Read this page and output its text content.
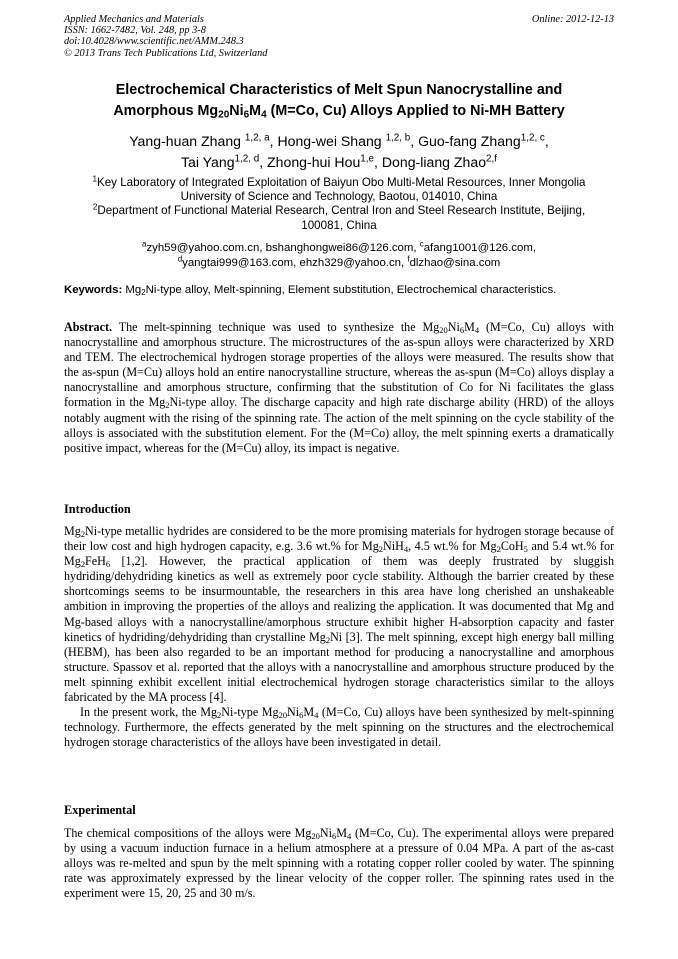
Applied Mechanics and Materials
ISSN: 1662-7482, Vol. 248, pp 3-8
doi:10.4028/www.scientific.net/AMM.248.3
© 2013 Trans Tech Publications Ltd, Switzerland
Online: 2012-12-13
Electrochemical Characteristics of Melt Spun Nanocrystalline and
Amorphous $Mg_{20}Ni_6M_4$ (M=Co, Cu) Alloys Applied to Ni-MH Battery
Yang-huan Zhang $^{1,2, a}$, Hong-wei Shang $^{1,2, b}$, Guo-fang Zhang$^{1,2, c}$,
Tai Yang$^{1,2, d}$, Zhong-hui Hou$^{1,e}$, Dong-liang Zhao$^{2,f}$
$^1$Key Laboratory of Integrated Exploitation of Baiyun Obo Multi-Metal Resources, Inner Mongolia
University of Science and Technology, Baotou, 014010, China
$^2$Department of Functional Material Research, Central Iron and Steel Research Institute, Beijing,
100081, China
$^a$zyh59@yahoo.com.cn, bshanghongwei86@126.com, $^c$afang1001@126.com,
$^d$yangtai999@163.com, ehzh329@yahoo.cn, $^f$dlzhao@sina.com
Keywords: $Mg_2Ni$-type alloy, Melt-spinning, Element substitution, Electrochemical characteristics.
Abstract. The melt-spinning technique was used to synthesize the $Mg_{20}Ni_6M_4$ (M=Co, Cu) alloys with nanocrystalline and amorphous structure. The microstructures of the as-spun alloys were characterized by XRD and TEM. The electrochemical hydrogen storage properties of the alloys were measured. The results show that the as-spun (M=Cu) alloys hold an entire nanocrystalline structure, whereas the as-spun (M=Co) alloys display a nanocrystalline and amorphous structure, confirming that the substitution of Co for Ni facilitates the glass formation in the $Mg_2Ni$-type alloy. The discharge capacity and high rate discharge ability (HRD) of the alloys notably augment with the rising of the spinning rate. The action of the melt spinning on the cycle stability of the alloys is associated with the substitution element. For the (M=Co) alloy, the melt spinning exerts a dramatically positive impact, whereas for the (M=Cu) alloy, its impact is negative.
Introduction

$Mg_2Ni$-type metallic hydrides are considered to be the more promising materials for hydrogen storage because of their low cost and high hydrogen capacity, e.g. 3.6 wt.% for $Mg_2NiH_4$, 4.5 wt.% for $Mg_2CoH_5$ and 5.4 wt.% for $Mg_2FeH_6$ [1,2]. However, the practical application of them was deeply frustrated by sluggish hydriding/dehydriding kinetics as well as extremely poor cycle stability. Although the barrier created by these shortcomings seems to be insurmountable, the researchers in this area have long cherished an unshakeable ambition in improving the properties of the alloys and realizing the application. It was documented that Mg and Mg-based alloys with a nanocrystalline/amorphous structure exhibit higher H-absorption capacity and faster kinetics of hydriding/dehydriding than crystalline $Mg_2Ni$ [3]. The melt spinning, except high energy ball milling (HEBM), has been also regarded to be an important method for producing a nanocrystalline and amorphous structure. Spassov et al. reported that the alloys with a nanocrystalline and amorphous structure produced by the melt spinning exhibit excellent initial electrochemical hydrogen storage characteristics similar to the alloys fabricated by the MA process [4].

In the present work, the $Mg_2Ni$-type $Mg_{20}Ni_6M_4$ (M=Co, Cu) alloys have been synthesized by melt-spinning technology. Furthermore, the effects generated by the melt spinning on the structures and the electrochemical hydrogen storage characteristics of the alloys have been investigated in detail.

Experimental
The chemical compositions of the alloys were $Mg_{20}Ni_6M_4$ (M=Co, Cu). The experimental alloys were prepared by using a vacuum induction furnace in a helium atmosphere at a pressure of 0.04 MPa. A part of the as-cast alloys was re-melted and spun by the melt spinning with a rotating copper roller cooled by water. The spinning rate was approximately expressed by the linear velocity of the copper roller. The spinning rates used in the experiment were 15, 20, 25 and 30 m/s.
